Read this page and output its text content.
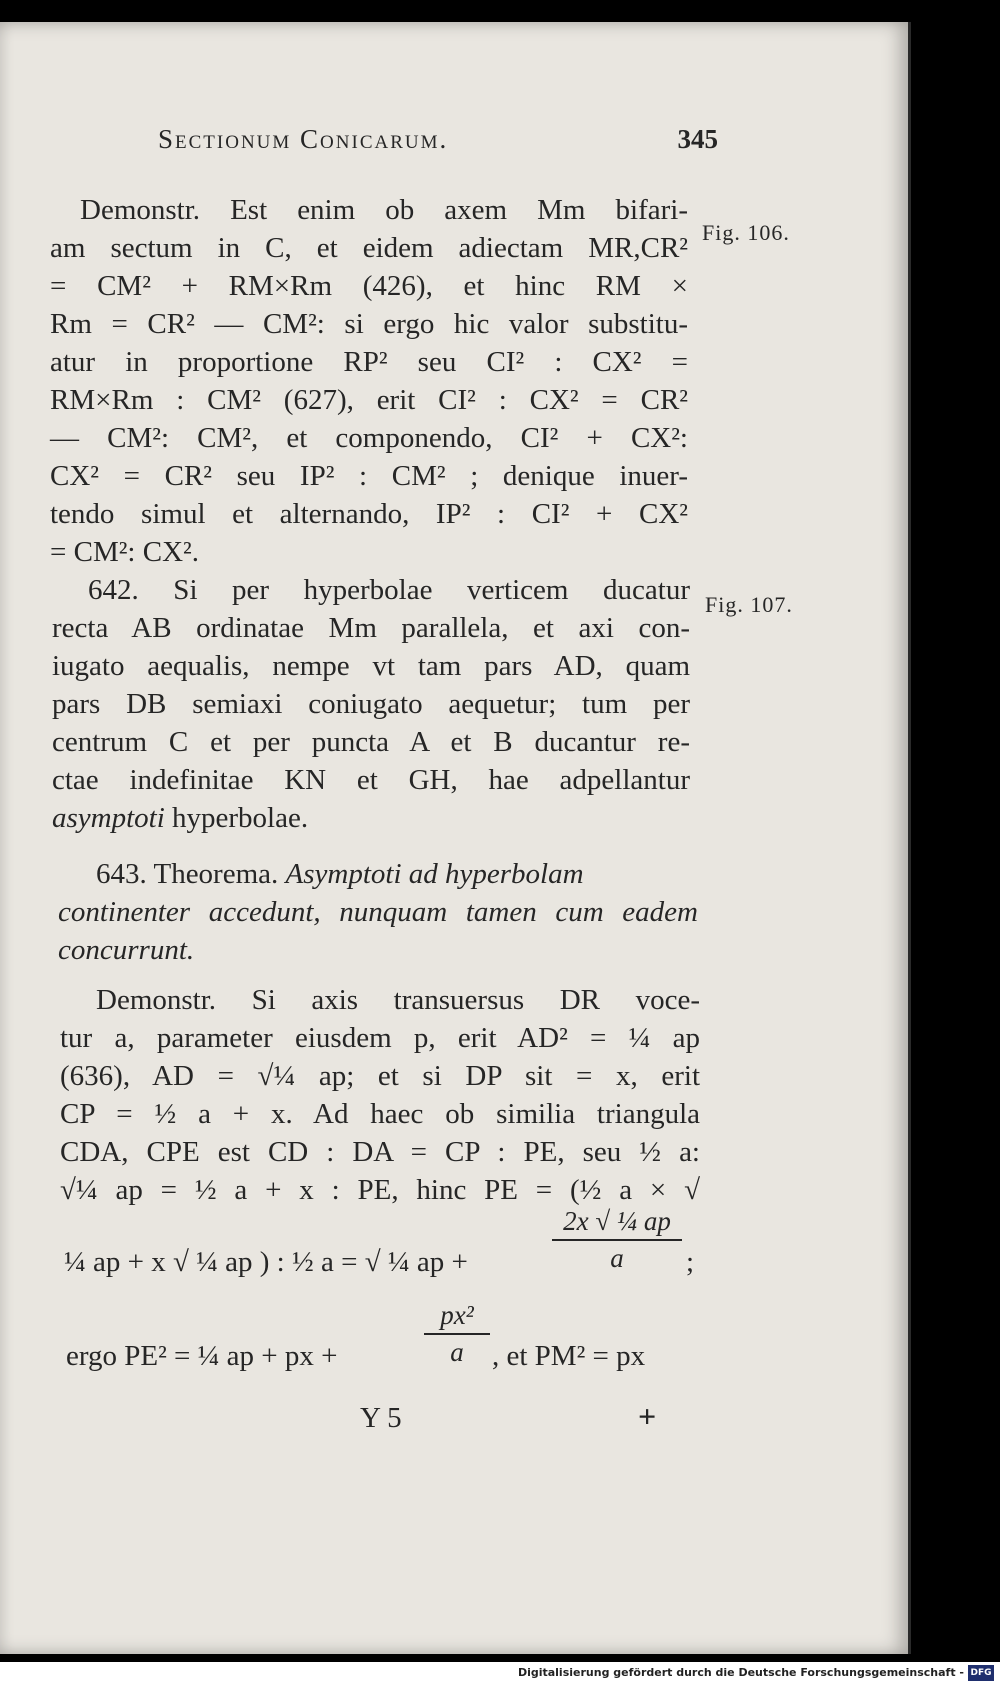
Sectionum Conicarum.	345
Fig. 106.
Fig. 107.
Demonstr. Est enim ob axem Mm bifari-
am sectum in C, et eidem adiectam MR,CR²
= CM² + RM×Rm (426), et hinc RM ×
Rm = CR² — CM²: si ergo hic valor substitu-
atur in proportione RP² seu CI² : CX² =
RM×Rm : CM² (627), erit CI² : CX² = CR²
— CM²: CM², et componendo, CI² + CX²:
CX² = CR² seu IP² : CM² ; denique inuer-
tendo simul et alternando, IP² : CI² + CX²
= CM²: CX².
642. Si per hyperbolae verticem ducatur
recta AB ordinatae Mm parallela, et axi con-
iugato aequalis, nempe vt tam pars AD, quam
pars DB semiaxi coniugato aequetur; tum per
centrum C et per puncta A et B ducantur re-
ctae indefinitae KN et GH, hae adpellantur
asymptoti hyperbolae.
643. Theorema. Asymptoti ad hyperbolam
continenter accedunt, nunquam tamen cum eadem
concurrunt.
Demonstr. Si axis transuersus DR voce-
tur a, parameter eiusdem p, erit AD² = ¼ ap
(636), AD = √¼ ap; et si DP sit = x, erit
CP = ½ a + x. Ad haec ob similia triangula
CDA, CPE est CD : DA = CP : PE, seu ½ a:
√¼ ap = ½ a + x : PE, hinc PE = (½ a × √
¼ ap + x √ ¼ ap ) : ½ a = √ ¼ ap +
2x √ ¼ ap
a	;
ergo PE² = ¼ ap + px +
px²
a , et PM² = px
Y 5	+
Digitalisierung gefördert durch die Deutsche Forschungsgemeinschaft - DFG
